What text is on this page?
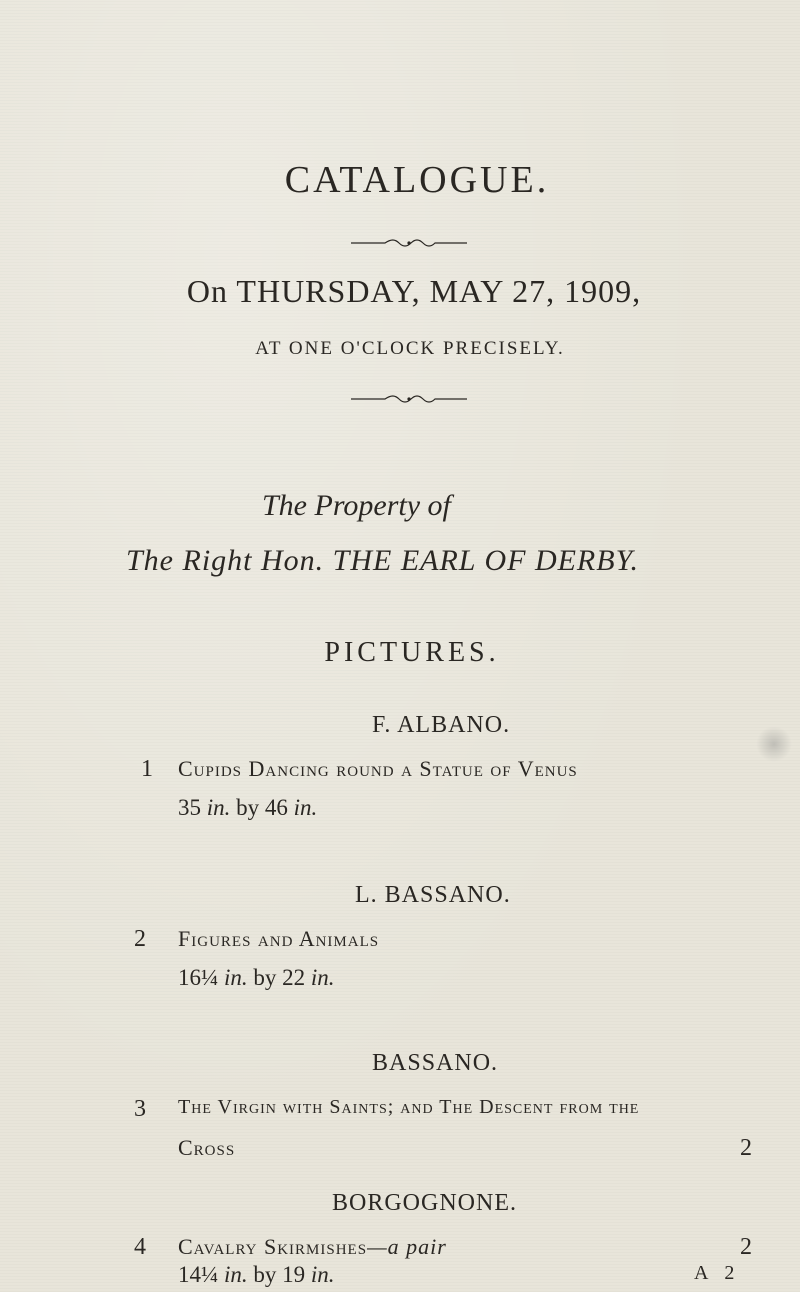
CATALOGUE.
On THURSDAY, MAY 27, 1909,
AT ONE O'CLOCK PRECISELY.
The Property of
The Right Hon. THE EARL OF DERBY.
PICTURES.
F. ALBANO.
1 Cupids Dancing round a Statue of Venus
35 in. by 46 in.
L. BASSANO.
2 Figures and Animals
16¼ in. by 22 in.
BASSANO.
3 The Virgin with Saints; and The Descent from the
Cross	2
BORGOGNONE.
4 Cavalry Skirmishes—a pair	2
14¼ in. by 19 in.	A 2
